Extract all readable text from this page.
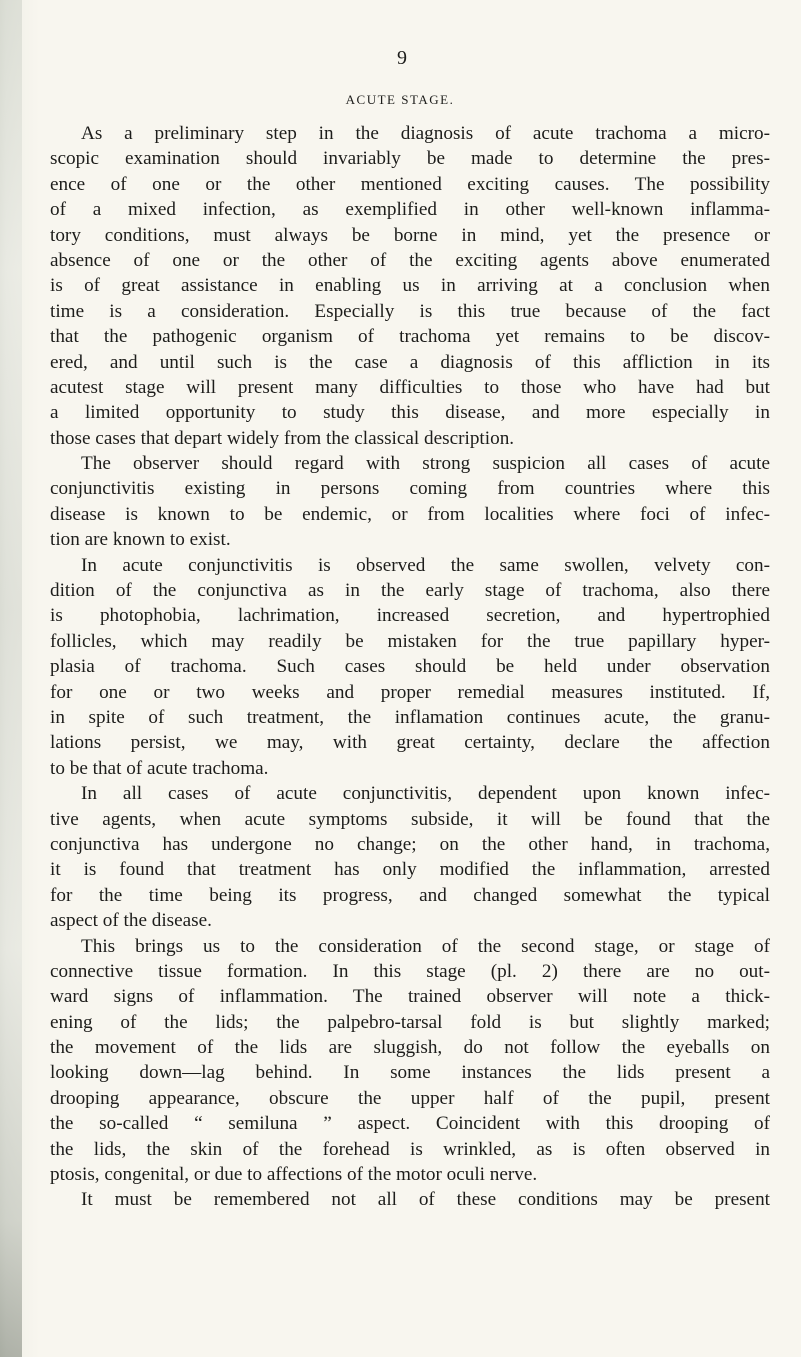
9
ACUTE STAGE.
As a preliminary step in the diagnosis of acute trachoma a micro-
scopic examination should invariably be made to determine the pres-
ence of one or the other mentioned exciting causes. The possibility
of a mixed infection, as exemplified in other well-known inflamma-
tory conditions, must always be borne in mind, yet the presence or
absence of one or the other of the exciting agents above enumerated
is of great assistance in enabling us in arriving at a conclusion when
time is a consideration. Especially is this true because of the fact
that the pathogenic organism of trachoma yet remains to be discov-
ered, and until such is the case a diagnosis of this affliction in its
acutest stage will present many difficulties to those who have had but
a limited opportunity to study this disease, and more especially in
those cases that depart widely from the classical description.
The observer should regard with strong suspicion all cases of acute
conjunctivitis existing in persons coming from countries where this
disease is known to be endemic, or from localities where foci of infec-
tion are known to exist.
In acute conjunctivitis is observed the same swollen, velvety con-
dition of the conjunctiva as in the early stage of trachoma, also there
is photophobia, lachrimation, increased secretion, and hypertrophied
follicles, which may readily be mistaken for the true papillary hyper-
plasia of trachoma. Such cases should be held under observation
for one or two weeks and proper remedial measures instituted. If,
in spite of such treatment, the inflamation continues acute, the granu-
lations persist, we may, with great certainty, declare the affection
to be that of acute trachoma.
In all cases of acute conjunctivitis, dependent upon known infec-
tive agents, when acute symptoms subside, it will be found that the
conjunctiva has undergone no change; on the other hand, in trachoma,
it is found that treatment has only modified the inflammation, arrested
for the time being its progress, and changed somewhat the typical
aspect of the disease.
This brings us to the consideration of the second stage, or stage of
connective tissue formation. In this stage (pl. 2) there are no out-
ward signs of inflammation. The trained observer will note a thick-
ening of the lids; the palpebro-tarsal fold is but slightly marked;
the movement of the lids are sluggish, do not follow the eyeballs on
looking down—lag behind. In some instances the lids present a
drooping appearance, obscure the upper half of the pupil, present
the so-called “ semiluna ” aspect. Coincident with this drooping of
the lids, the skin of the forehead is wrinkled, as is often observed in
ptosis, congenital, or due to affections of the motor oculi nerve.
It must be remembered not all of these conditions may be present
